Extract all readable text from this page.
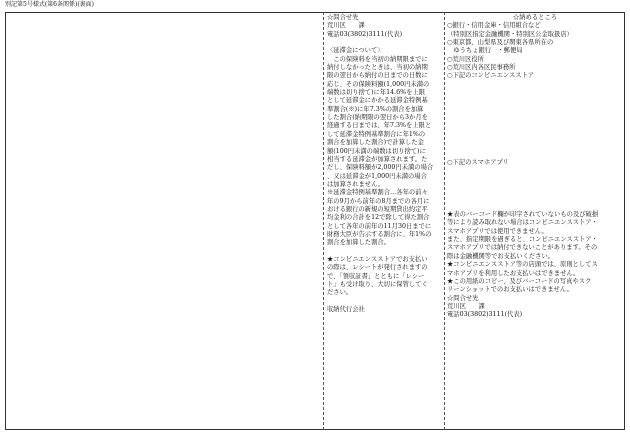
別記第5号様式(第6条関係)(裏面)
☆問合せ先
荒川区　　課
電話03(3802)3111(代表)
〈延滞金について〉
　この保険料を当初の納期限までに
納付しなかったときは、当初の納期
限の翌日から納付の日までの日数に
応じ、その保険料額(1,000円未満の
端数は切り捨て)に年14.6%を上限
として延滞金にかかる延滞金特例基
準割合(※)に年7.3%の割合を加算
した割合(納期限の翌日から3か月を
経過する日までは、年7.3%を上限と
して延滞金特例基準割合に年1%の
割合を加算した割合)で計算した金
額(100円未満の端数は切り捨て)に
相当する延滞金が加算されます。た
だし、保険料額が2,000円未満の場合
、又は延滞金が1,000円未満の場合
は加算されません。
※延滞金特例基準割合…各年の前々
年の9月から前年の8月までの各月に
おける銀行の新規の短期貸出約定平
均金利の合計を12で除して得た割合
として各年の前年の11月30日までに
財務大臣が告示する割合に、年1%の
割合を加算した割合。
★コンビニエンスストアでお支払い
の際は、レシートが発行されますの
で、「領収証書」とともに「レシー
ト」も受け取り、大切に保管してく
ださい。
収納代行会社
☆納めるところ
○銀行・信用金庫・信用組合など
（特別区指定金融機関・特別区公金取扱店）
○東京都、山梨県及び関東各県所在の
　ゆうちょ銀行　・郵便局
○荒川区役所
○荒川区内各区民事務所
○下記のコンビニエンスストア
○下記のスマホアプリ
★表のバーコード欄が印字されていないもの及び破損
等により読み取れない場合はコンビニエンスストア・
スマホアプリでは使用できません。
また、指定期限を過ぎると、コンビニエンスストア・
スマホアプリでは納付できないことがあります。その
際は金融機関等でお支払いください。
★コンビニエンスストア等の店頭では、原則としてス
マホアプリを利用したお支払いはできません。
★この用紙のコピー、及びバーコードの写真やスク
リーンショットでのお支払いはできません。
☆問合せ先
荒川区　　課
電話03(3802)3111(代表)
